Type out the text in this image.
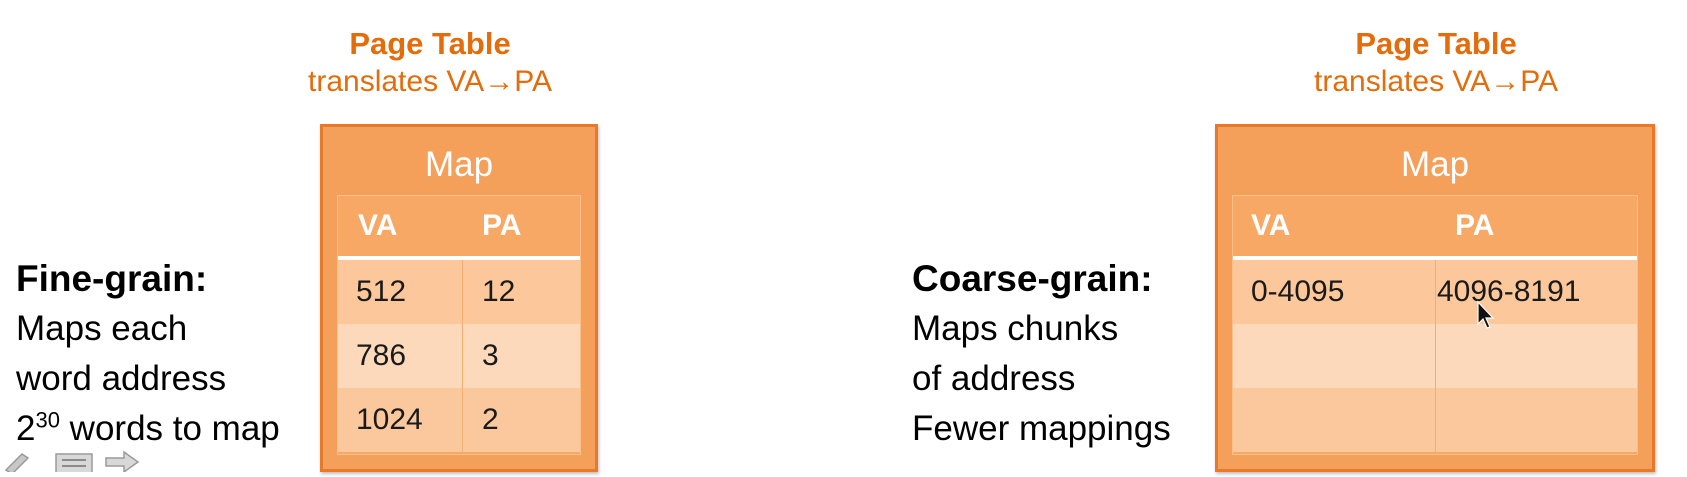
Page Table
translates VA→PA
Map
VA	PA
512	12
786	3
1024 2
Fine-grain:
Maps each
word address
$2^{30}$ words to map
Page Table
translates VA→PA
Map
VA	PA
0-4095	4096-8191
Coarse-grain:
Maps chunks
of address
Fewer mappings
